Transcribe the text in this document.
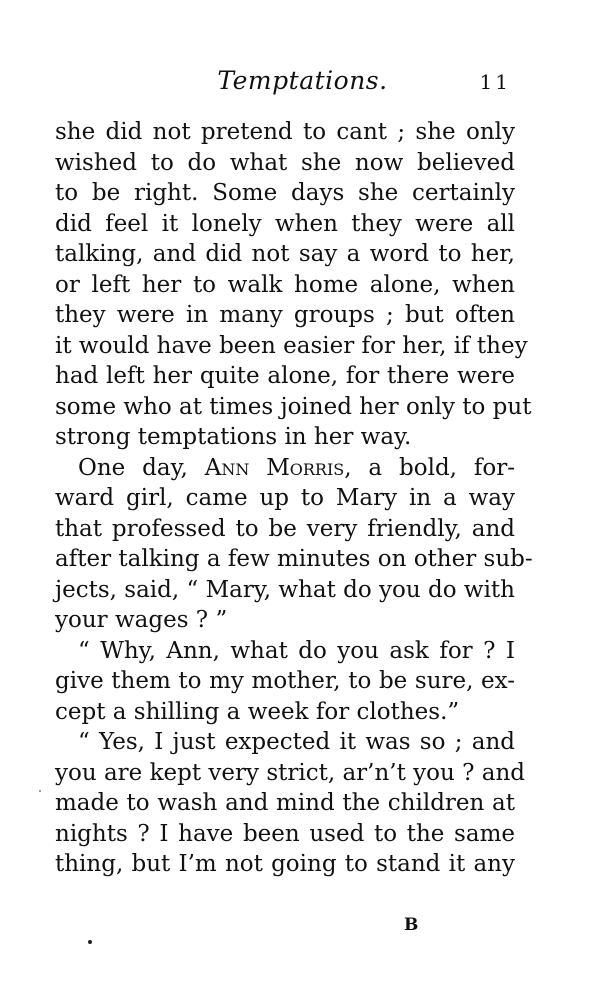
Temptations.	11
she did not pretend to cant ; she only
wished to do what she now believed
to be right. Some days she certainly
did feel it lonely when they were all
talking, and did not say a word to her,
or left her to walk home alone, when
they were in many groups ; but often
it would have been easier for her, if they
had left her quite alone, for there were
some who at times joined her only to put
strong temptations in her way.
One day, Ann Morris, a bold, for-
ward girl, came up to Mary in a way
that professed to be very friendly, and
after talking a few minutes on other sub-
jects, said, “ Mary, what do you do with
your wages ? ”
“ Why, Ann, what do you ask for ? I
give them to my mother, to be sure, ex-
cept a shilling a week for clothes.”
“ Yes, I just expected it was so ; and
you are kept very strict, ar’n’t you ? and
made to wash and mind the children at
nights ? I have been used to the same
thing, but I’m not going to stand it any
B
